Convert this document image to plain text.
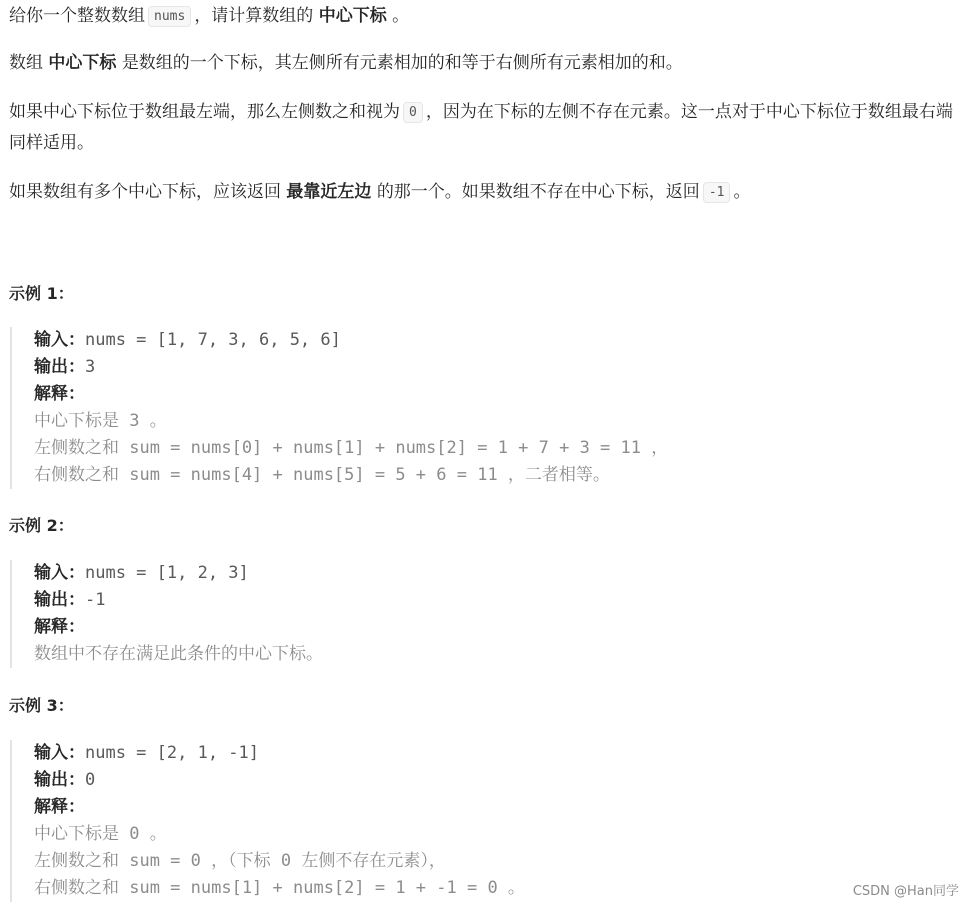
给你一个整数数组 nums ，请计算数组的 中心下标 。

数组 中心下标 是数组的一个下标，其左侧所有元素相加的和等于右侧所有元素相加的和。

如果中心下标位于数组最左端，那么左侧数之和视为 0 ，因为在下标的左侧不存在元素。这一点对于中心下标位于数组最右端同样适用。

如果数组有多个中心下标，应该返回 最靠近左边 的那一个。如果数组不存在中心下标，返回 -1 。

示例 1：
输入：nums = [1, 7, 3, 6, 5, 6]
输出：3
解释：
中心下标是 3 。
左侧数之和 sum = nums[0] + nums[1] + nums[2] = 1 + 7 + 3 = 11 ，
右侧数之和 sum = nums[4] + nums[5] = 5 + 6 = 11 ，二者相等。
示例 2：
输入：nums = [1, 2, 3]
输出：-1
解释：
数组中不存在满足此条件的中心下标。
示例 3：
输入：nums = [2, 1, -1]
输出：0
解释：
中心下标是 0 。
左侧数之和 sum = 0 ，（下标 0 左侧不存在元素），
右侧数之和 sum = nums[1] + nums[2] = 1 + -1 = 0 。	CSDN @Han同学
